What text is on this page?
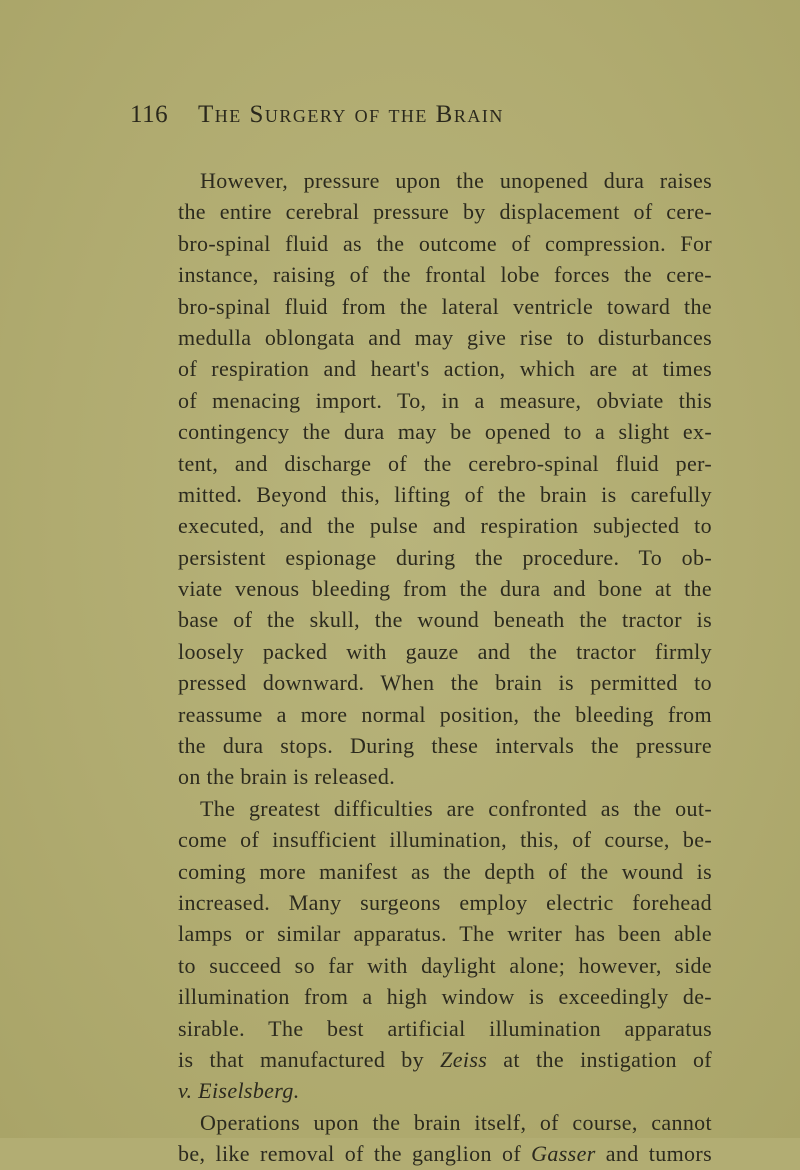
116 The Surgery of the Brain
However, pressure upon the unopened dura raises
the entire cerebral pressure by displacement of cere-
bro-spinal fluid as the outcome of compression. For
instance, raising of the frontal lobe forces the cere-
bro-spinal fluid from the lateral ventricle toward the
medulla oblongata and may give rise to disturbances
of respiration and heart's action, which are at times
of menacing import. To, in a measure, obviate this
contingency the dura may be opened to a slight ex-
tent, and discharge of the cerebro-spinal fluid per-
mitted. Beyond this, lifting of the brain is carefully
executed, and the pulse and respiration subjected to
persistent espionage during the procedure. To ob-
viate venous bleeding from the dura and bone at the
base of the skull, the wound beneath the tractor is
loosely packed with gauze and the tractor firmly
pressed downward. When the brain is permitted to
reassume a more normal position, the bleeding from
the dura stops. During these intervals the pressure
on the brain is released.
The greatest difficulties are confronted as the out-
come of insufficient illumination, this, of course, be-
coming more manifest as the depth of the wound is
increased. Many surgeons employ electric forehead
lamps or similar apparatus. The writer has been able
to succeed so far with daylight alone; however, side
illumination from a high window is exceedingly de-
sirable. The best artificial illumination apparatus
is that manufactured by Zeiss at the instigation of
v. Eiselsberg.
Operations upon the brain itself, of course, cannot
be, like removal of the ganglion of Gasser and tumors
